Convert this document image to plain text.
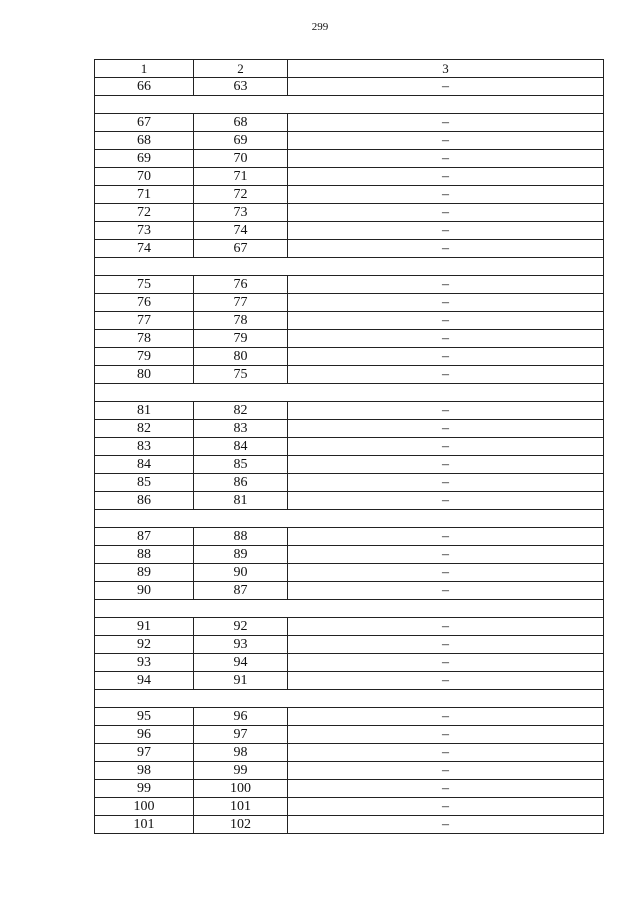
299
1	2	3
66	63	–

67	68	–
68	69	–
69	70	–
70	71	–
71	72	–
72	73	–
73	74	–
74	67	–

75	76	–
76	77	–
77	78	–
78	79	–
79	80	–
80	75	–

81	82	–
82	83	–
83	84	–
84	85	–
85	86	–
86	81	–

87	88	–
88	89	–
89	90	–
90	87	–

91	92	–
92	93	–
93	94	–
94	91	–

95	96	–
96	97	–
97	98	–
98	99	–
99	100	–
100	101	–
101	102	–
